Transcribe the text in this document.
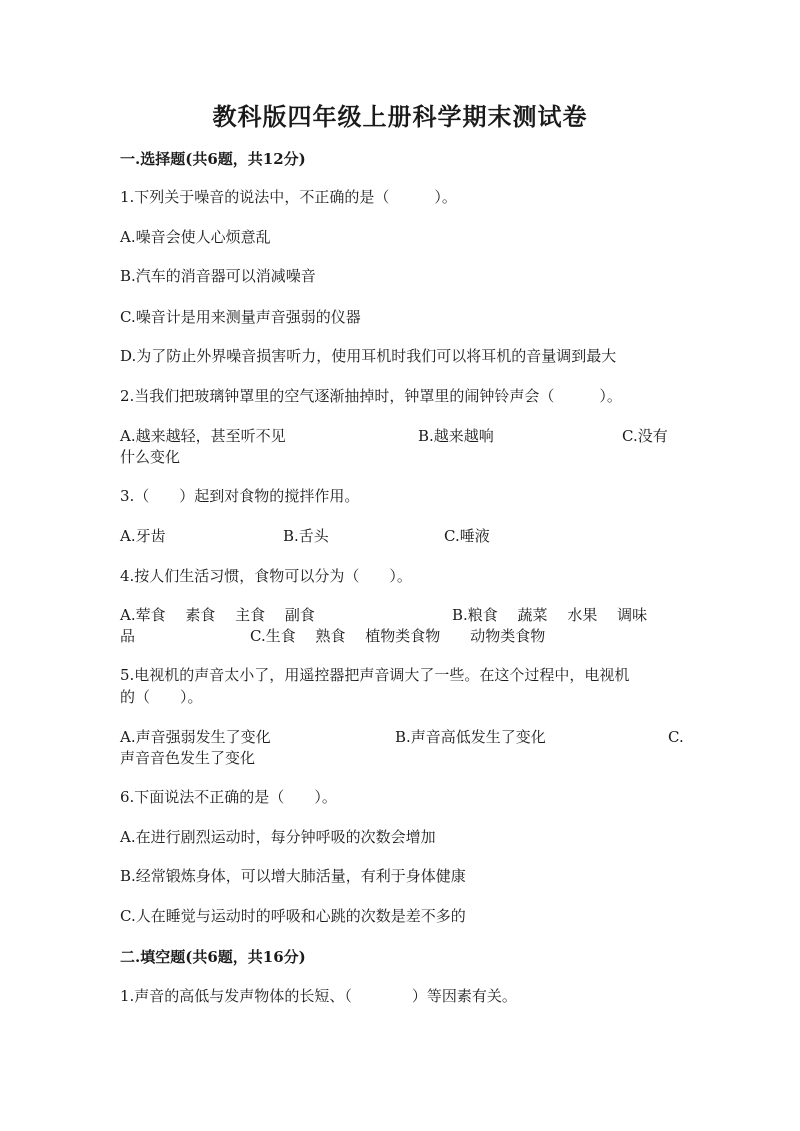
教科版四年级上册科学期末测试卷
一.选择题(共6题，共12分)
1.下列关于噪音的说法中，不正确的是（　　　）。
A.噪音会使人心烦意乱
B.汽车的消音器可以消减噪音
C.噪音计是用来测量声音强弱的仪器
D.为了防止外界噪音损害听力，使用耳机时我们可以将耳机的音量调到最大
2.当我们把玻璃钟罩里的空气逐渐抽掉时，钟罩里的闹钟铃声会（　　　）。
A.越来越轻，甚至听不见	B.越来越响	C.没有
什么变化
3.（　　）起到对食物的搅拌作用。
A.牙齿	B.舌头	C.唾液
4.按人们生活习惯，食物可以分为（　　）。
A.荤食　 素食　 主食　 副食	B.粮食　 蔬菜　 水果　 调味
品	C.生食　 熟食　 植物类食物　　动物类食物
5.电视机的声音太小了，用遥控器把声音调大了一些。在这个过程中，电视机
的（　　）。
A.声音强弱发生了变化	B.声音高低发生了变化	C.
声音音色发生了变化
6.下面说法不正确的是（　　）。
A.在进行剧烈运动时，每分钟呼吸的次数会增加
B.经常锻炼身体，可以增大肺活量，有利于身体健康
C.人在睡觉与运动时的呼吸和心跳的次数是差不多的
二.填空题(共6题，共16分)
1.声音的高低与发声物体的长短、（　　　　）等因素有关。
